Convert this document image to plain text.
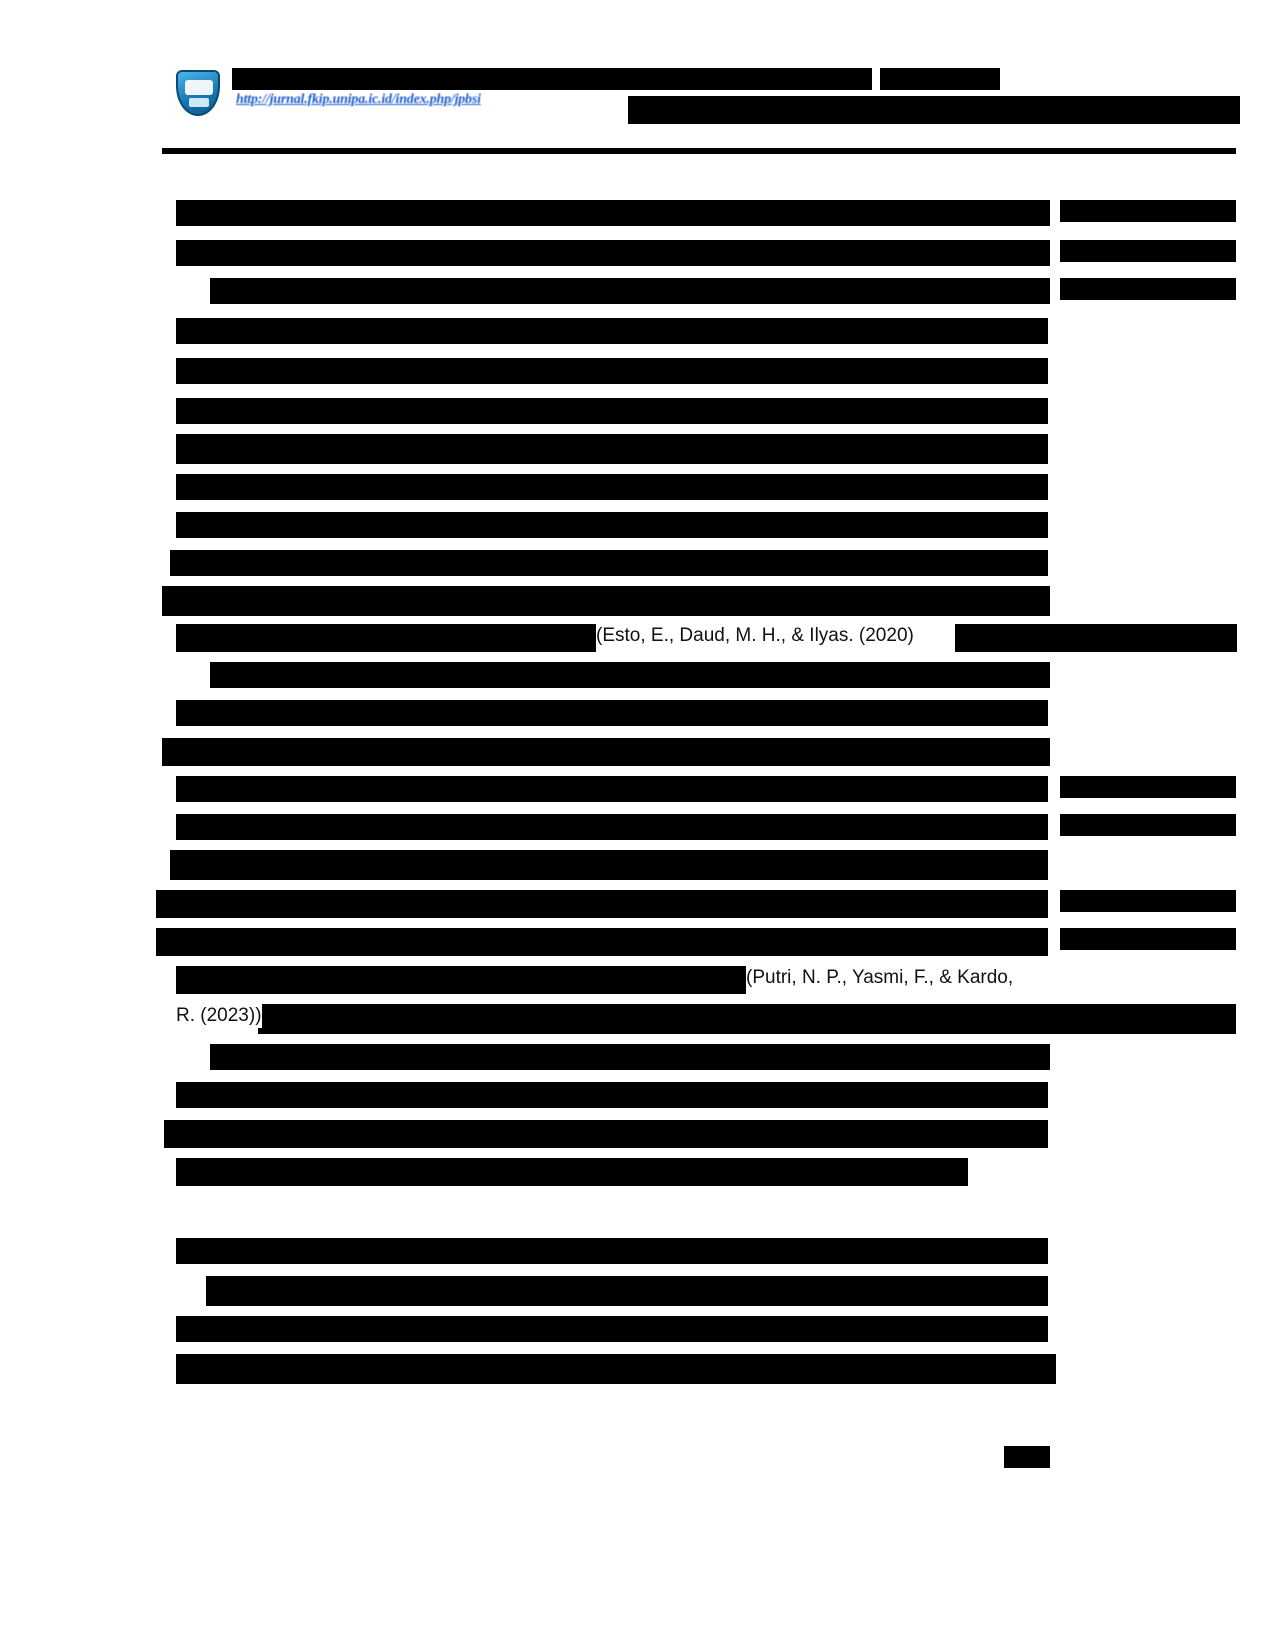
http://jurnal.fkip.unipa.ic.id/index.php/jpbsi
(Esto, E., Daud, M. H., & Ilyas. (2020)
(Putri, N. P., Yasmi, F., & Kardo,
R. (2023))
